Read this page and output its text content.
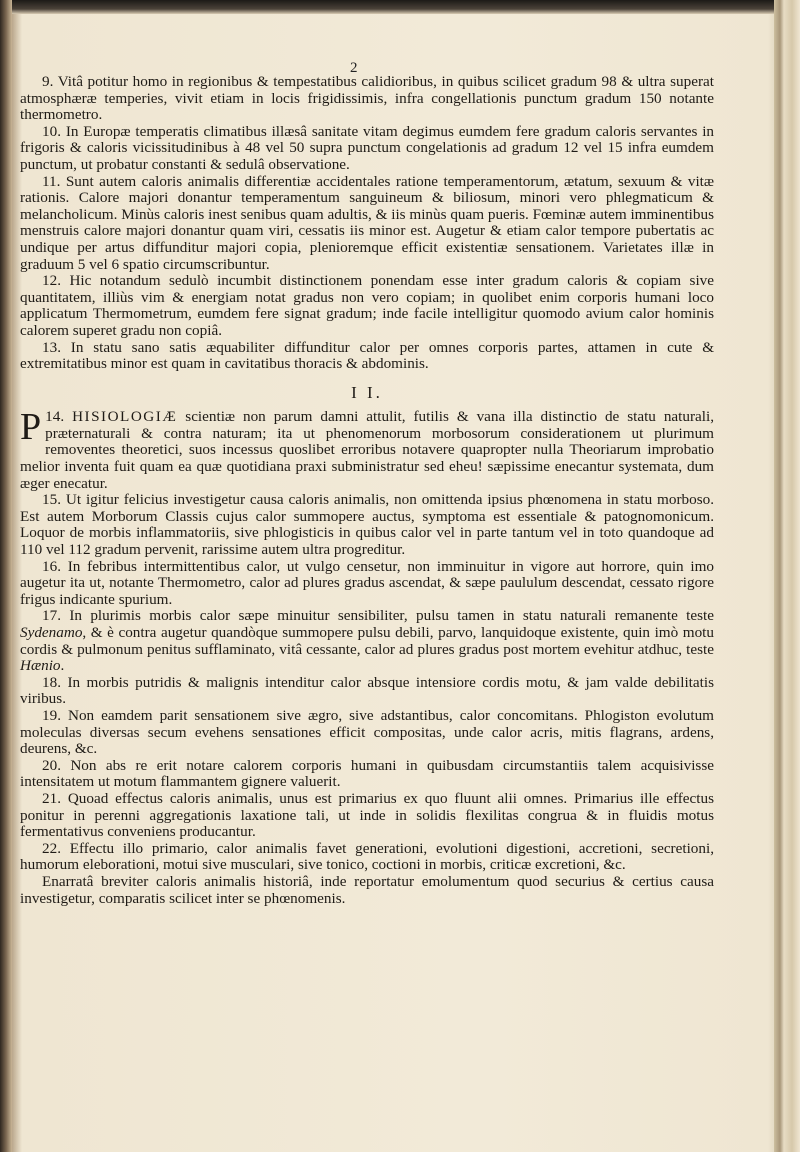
2

9. Vitâ potitur homo in regionibus & tempestatibus calidioribus, in quibus scilicet gradum 98 & ultra superat atmosphæræ temperies, vivit etiam in locis frigidissimis, infra congellationis punctum gradum 150 notante thermometro.

10. In Europæ temperatis climatibus illæsâ sanitate vitam degimus eumdem fere gradum caloris servantes in frigoris & caloris vicissitudinibus à 48 vel 50 supra punctum congelationis ad gradum 12 vel 15 infra eumdem punctum, ut probatur constanti & sedulâ observatione.

11. Sunt autem caloris animalis differentiæ accidentales ratione temperamentorum, ætatum, sexuum & vitæ rationis. Calore majori donantur temperamentum sanguineum & biliosum, minori vero phlegmaticum & melancholicum. Minùs caloris inest senibus quam adultis, & iis minùs quam pueris. Fœminæ autem imminentibus menstruis calore majori donantur quam viri, cessatis iis minor est. Augetur & etiam calor tempore pubertatis ac undique per artus diffunditur majori copia, plenioremque efficit existentiæ sensationem. Varietates illæ in graduum 5 vel 6 spatio circumscribuntur.

12. Hic notandum sedulò incumbit distinctionem ponendam esse inter gradum caloris & copiam sive quantitatem, illiùs vim & energiam notat gradus non vero copiam; in quolibet enim corporis humani loco applicatum Thermometrum, eumdem fere signat gradum; inde facile intelligitur quomodo avium calor hominis calorem superet gradu non copiâ.

13. In statu sano satis æquabiliter diffunditur calor per omnes corporis partes, attamen in cute & extremitatibus minor est quam in cavitatibus thoracis & abdominis.

I I.

14.
P HISIOLOGIÆ scientiæ non parum damni attulit, futilis & vana illa distinctio de statu naturali, præternaturali & contra naturam; ita ut phenomenorum morbosorum considerationem ut plurimum removentes theoretici, suos incessus quoslibet erroribus notavere quapropter nulla Theoriarum improbatio melior inventa fuit quam ea quæ quotidiana praxi subministratur sed eheu! sæpissime enecantur systemata, dum æger enecatur.

15. Ut igitur felicius investigetur causa caloris animalis, non omittenda ipsius phœnomena in statu morboso. Est autem Morborum Classis cujus calor summopere auctus, symptoma est essentiale & patognomonicum. Loquor de morbis inflammatoriis, sive phlogisticis in quibus calor vel in parte tantum vel in toto quandoque ad 110 vel 112 gradum pervenit, rarissime autem ultra progreditur.

16. In febribus intermittentibus calor, ut vulgo censetur, non imminuitur in vigore aut horrore, quin imo augetur ita ut, notante Thermometro, calor ad plures gradus ascendat, & sæpe paululum descendat, cessato rigore frigus indicante spurium.

17. In plurimis morbis calor sæpe minuitur sensibiliter, pulsu tamen in statu naturali remanente teste Sydenamo, & è contra augetur quandòque summopere pulsu debili, parvo, lanquidoque existente, quin imò motu cordis & pulmonum penitus sufflaminato, vitâ cessante, calor ad plures gradus post mortem evehitur atdhuc, teste Hænio.

18. In morbis putridis & malignis intenditur calor absque intensiore cordis motu, & jam valde debilitatis viribus.

19. Non eamdem parit sensationem sive ægro, sive adstantibus, calor concomitans. Phlogiston evolutum moleculas diversas secum evehens sensationes efficit compositas, unde calor acris, mitis flagrans, ardens, deurens, &c.

20. Non abs re erit notare calorem corporis humani in quibusdam circumstantiis talem acquisivisse intensitatem ut motum flammantem gignere valuerit.

21. Quoad effectus caloris animalis, unus est primarius ex quo fluunt alii omnes. Primarius ille effectus ponitur in perenni aggregationis laxatione tali, ut inde in solidis flexilitas congrua & in fluidis motus fermentativus conveniens producantur.

22. Effectu illo primario, calor animalis favet generationi, evolutioni digestioni, accretioni, secretioni, humorum eleborationi, motui sive musculari, sive tonico, coctioni in morbis, criticæ excretioni, &c.

Enarratâ breviter caloris animalis historiâ, inde reportatur emolumentum quod securius & certius causa investigetur, comparatis scilicet inter se phœnomenis.
